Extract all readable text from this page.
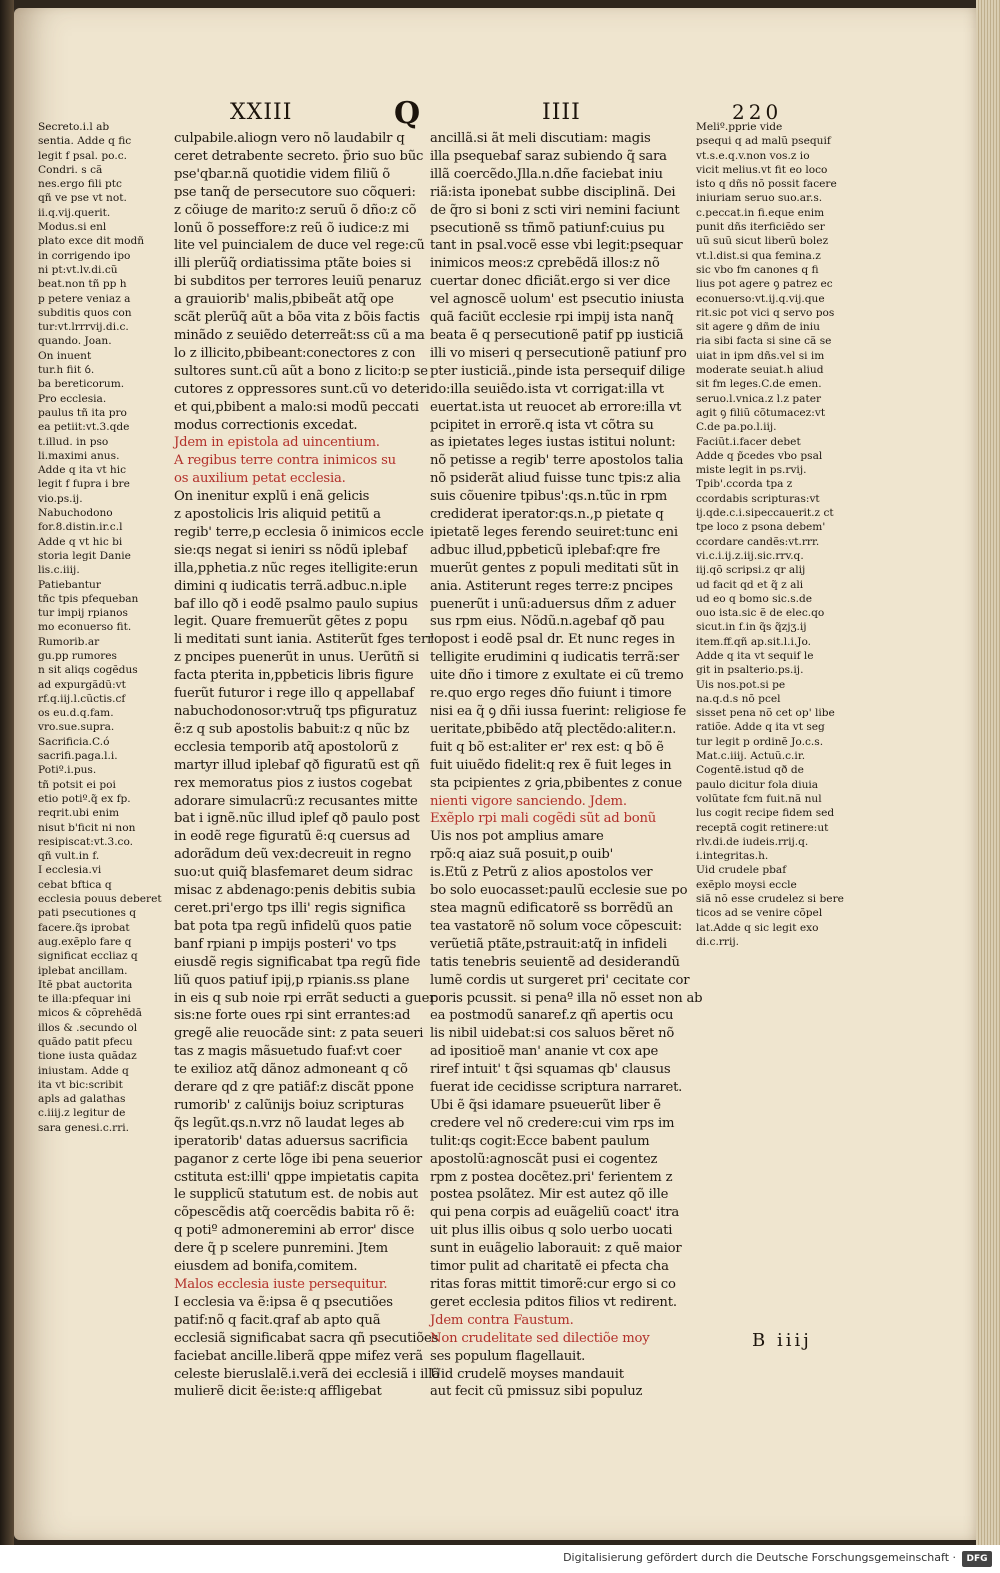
XXIII	Q	IIII	220

Secreto.i.l ab

sentia. Adde q fic

legit f psal. po.c.

Condri. s cã

nes.ergo fili ptc

qñ ve pse vt not.

ii.q.vij.querit.

Modus.si enl

plato exce dit modñ

in corrigendo ipo

ni pt:vt.lv.di.cũ

beat.non tñ pp h

p petere veniaz a

subditis quos con

tur:vt.lrrrvij.di.c.

quando. Joan.

On inuent

tur.h fiit ỽ.

ba bereticorum.

Pro ecclesia.

paulus tñ ita pro

ea petiit:vt.3.qde

t.illud. in pso

li.maximi anus.

Adde q ita vt hic

legit f fupra i bre

vio.ps.ij.

Nabuchodono

for.8.distin.ir.c.l

Adde q vt hic bi

storia legit Danie

lis.c.iiij.

Patiebantur

tñc tpis pfequeban

tur impij rpianos

mo econuerso fit.

Rumorib.ar

gu.pp rumores

n sit aliqs cogẽdus

ad expurgãdũ:vt

rf.q.iij.l.cũctis.cf

os eu.d.q.fam.

vro.sue.supra.

Sacrificia.C.ó

sacrifi.paga.l.i.

Potiº.i.pus.

tñ potsit ei poi

etio potiº.q̃ ex fp.

reqrit.ubi enim

nisut b'ficit ni non

resipiscat:vt.3.co.

qñ vult.in f.

I ecclesia.vi

cebat bftica q

ecclesia pouus deberet

pati psecutiones q

facere.q̃s iprobat

aug.exẽplo fare q

significat eccliaz q

iplebat ancillam.

Itẽ pbat auctorita

te illa:pfequar ini

micos & cõprehẽdã

illos & .secundo ol

quãdo patit pfecu

tione iusta quãdaz

iniustam. Adde q

ita vt bic:scribit

apls ad galathas

c.iiij.z legitur de

sara genesi.c.rri.

culpabile.aliogn vero nõ laudabilr q

ceret detrabente secreto. p̃rio suo bũc

pse'qbar.nã quotidie videm filiũ õ

pse tanq̃ de persecutore suo cõqueri:

z cõiuge de marito:z seruũ õ dño:z cõ

lonũ õ posseffore:z reũ õ iudice:z mi

lite vel puincialem de duce vel rege:cũ

illi plerũq̃ ordiatissima ptãte boies si

bi subditos per terrores leuiũ penaruz

a grauiorib' malis,pbibeãt atq̃ ope

scãt plerũq̃ aũt a bõa vita z bõis factis

minãdo z seuiẽdo deterreãt:ss cũ a ma

lo z illicito,pbibeant:conectores z con

sultores sunt.cũ aũt a bono z licito:p se

cutores z oppressores sunt.cũ vo deteri

et qui,pbibent a malo:si modũ peccati

modus correctionis excedat.

Jdem in epistola ad uincentium.

A regibus terre contra inimicos su

os auxilium petat ecclesia.

On inenitur explũ i enã gelicis

z apostolicis lris aliquid petitũ a

regib' terre,p ecclesia õ inimicos eccle

sie:qs negat si ieniri ss nõdũ iplebaf

illa,pphetia.z nũc reges itelligite:erun

dimini q iudicatis terrã.adbuc.n.iple

baf illo qð i eodẽ psalmo paulo supius

legit. Quare fremuerũt gẽtes z popu

li meditati sunt iania. Astiterũt fges terr

z pncipes puenerũt in unus. Uerũtñ si

facta pterita in,ppbeticis libris figure

fuerũt futuror i rege illo q appellabaf

nabuchodonosor:vtruq̃ tps pfiguratuz

ẽ:z q sub apostolis babuit:z q nũc bz

ecclesia temporib atq̃ apostolorũ z

martyr illud iplebaf qð figuratũ est qñ

rex memoratus pios z iustos cogebat

adorare simulacrũ:z recusantes mitte

bat i ignẽ.nũc illud iplef qð paulo post

in eodẽ rege figuratũ ẽ:q cuersus ad

adorãdum deũ vex:decreuit in regno

suo:ut quiq̃ blasfemaret deum sidrac

misac z abdenago:penis debitis subia

ceret.pri'ergo tps illi' regis significa

bat pota tpa regũ infidelũ quos patie

banf rpiani p impijs posteri' vo tps

eiusdẽ regis significabat tpa regũ fide

liũ quos patiuf ipij,p rpianis.ss plane

in eis q sub noie rpi errãt seducti a guer

sis:ne forte oues rpi sint errantes:ad

gregẽ alie reuocãde sint: z pata seueri

tas z magis mãsuetudo fuaf:vt coer

te exilioz atq̃ dãnoz admoneant q cõ

derare qd z qre patiãf:z discãt ppone

rumorib' z calũnijs boiuz scripturas

q̃s legũt.qs.n.vrz nõ laudat leges ab

iperatorib' datas aduersus sacrificia

paganor z certe lõge ibi pena seuerior

cstituta est:illi' qppe impietatis capita

le supplicũ statutum est. de nobis aut

cõpescẽdis atq̃ coercẽdis babita rõ ẽ:

q potiº admoneremini ab error' disce

dere q̃ p scelere punremini. Jtem

eiusdem ad bonifa,comitem.

Malos ecclesia iuste persequitur.

I ecclesia va ẽ:ipsa ẽ q psecutiões

patif:nõ q facit.qraf ab apto quã

ecclesiã significabat sacra qñ psecutiões

faciebat ancille.liberã qppe mifez verã

celeste bieruslalẽ.i.verã dei ecclesiã i illã

mulierẽ dicit ẽe:iste:q affligebat

ancillã.si ãt meli discutiam: magis

illa psequebaf saraz subiendo q̃ sara

illã coercẽdo.Jlla.n.dñe faciebat iniu

riã:ista iponebat subbe disciplinã. Dei

de q̃ro si boni z scti viri nemini faciunt

psecutionẽ ss tñmõ patiunf:cuius pu

tant in psal.vocẽ esse vbi legit:psequar

inimicos meos:z cprebẽdã illos:z nõ

cuertar donec dficiãt.ergo si ver dice

vel agnoscẽ uolum' est psecutio iniusta

quã faciũt ecclesie rpi impij ista nanq̃

beata ẽ q persecutionẽ patif pp iusticiã

illi vo miseri q persecutionẽ patiunf pro

pter iusticiã.,pinde ista persequif dilige

do:illa seuiẽdo.ista vt corrigat:illa vt

euertat.ista ut reuocet ab errore:illa vt

pcipitet in errorẽ.q ista vt cõtra su

as ipietates leges iustas istitui nolunt:

nõ petisse a regib' terre apostolos talia

nõ psiderãt aliud fuisse tunc tpis:z alia

suis cõuenire tpibus':qs.n.tũc in rpm

crediderat iperator:qs.n.,p pietate q

ipietatẽ leges ferendo seuiret:tunc eni

adbuc illud,ppbeticũ iplebaf:qre fre

muerũt gentes z populi meditati sũt in

ania. Astiterunt reges terre:z pncipes

puenerũt i unũ:aduersus dñm z aduer

sus rpm eius. Nõdũ.n.agebaf qð pau

lopost i eodẽ psal dr. Et nunc reges in

telligite erudimini q iudicatis terrã:ser

uite dño i timore z exultate ei cũ tremo

re.quo ergo reges dño fuiunt i timore

nisi ea q̃ ꝯ dñi iussa fuerint: religiose fe

ueritate,pbibẽdo atq̃ plectẽdo:aliter.n.

fuit q bõ est:aliter er' rex est: q bõ ẽ

fuit uiuẽdo fidelit:q rex ẽ fuit leges in

sta pcipientes z ꝯria,pbibentes z conue

nienti vigore sanciendo. Jdem.

Exẽplo rpi mali cogẽdi sũt ad bonũ

Uis nos pot amplius amare

rpõ:q aiaz suã posuit,p ouib'

is.Etũ z Petrũ z alios apostolos ver

bo solo euocasset:paulũ ecclesie sue po

stea magnũ edificatorẽ ss borrẽdũ an

tea vastatorẽ nõ solum voce cõpescuit:

verũetiã ptãte,pstrauit:atq̃ in infideli

tatis tenebris seuientẽ ad desiderandũ

lumẽ cordis ut surgeret pri' cecitate cor

poris pcussit. si penaº illa nõ esset non ab

ea postmodũ sanaref.z qñ apertis ocu

lis nibil uidebat:si cos saluos bẽret nõ

ad ipositioẽ man' ananie vt cox ape

riref intuit' t q̃si squamas qb' clausus

fuerat ide cecidisse scriptura narraret.

Ubi ẽ q̃si idamare psueuerũt liber ẽ

credere vel nõ credere:cui vim rps im

tulit:qs cogit:Ecce babent paulum

apostolũ:agnoscãt pusi ei cogentez

rpm z postea docẽtez.pri' ferientem z

postea psolãtez. Mir est autez qõ ille

qui pena corpis ad euãgeliũ coact' itra

uit plus illis oibus q solo uerbo uocati

sunt in euãgelio laborauit: z quẽ maior

timor pulit ad charitatẽ ei pfecta cha

ritas foras mittit timorẽ:cur ergo si co

geret ecclesia pditos filios vt redirent.

Jdem contra Faustum.

Non crudelitate sed dilectiõe moy

ses populum flagellauit.

Uid crudelẽ moyses mandauit

aut fecit cũ pmissuz sibi populuz

Meliº.pprie vide

psequi q ad malũ psequif

vt.s.e.q.v.non vos.z io

vicit melius.vt fit eo loco

isto q dñs nõ possit facere

iniuriam seruo suo.ar.s.

c.peccat.in fi.eque enim

punit dñs iterficiẽdo ser

uũ suũ sicut liberũ bolez

vt.l.dist.si qua femina.z

sic vbo fm canones q fi

lius pot agere ꝯ patrez ec

econuerso:vt.ij.q.vij.que

rit.sic pot vici q servo pos

sit agere ꝯ dñm de iniu

ria sibi facta si sine cã se

uiat in ipm dñs.vel si im

moderate seuiat.h aliud

sit fm leges.C.de emen.

seruo.l.vnica.z l.z pater

agit ꝯ filiũ cõtumacez:vt

C.de pa.po.l.iij.

Faciũt.i.facer debet

Adde q p̃cedes vbo psal

miste legit in ps.rvij.

Tpib'.ccorda tpa z

ccordabis scripturas:vt

ij.qde.c.i.sipeccauerit.z ct

tpe loco z psona debem'

ccordare candẽs:vt.rrr.

vi.c.i.ij.z.iij.sic.rrv.q.

iij.qõ scripsi.z qr alij

ud facit qd et q̃ z ali

ud eo q bomo sic.s.de

ouo ista.sic ẽ de elec.qo

sicut.in f.in q̃s q̃zjʒ.ij

item.ff.qñ ap.sit.l.i.Jo.

Adde q ita vt sequif le

git in psalterio.ps.ij.

Uis nos.pot.si pe

na.q.d.s nõ pcel

sisset pena nõ cet op' libe

ratiõe. Adde q ita vt seg

tur legit p ordinẽ Jo.c.s.

Mat.c.iiij. Actuũ.c.ir.

Cogentẽ.istud qð de

paulo dicitur fola diuia

volũtate fcm fuit.nã nul

lus cogit recipe fidem sed

receptã cogit retinere:ut

rlv.di.de iudeis.rrij.q.

i.integritas.h.

Uid crudele pbaf

exẽplo moysi eccle

siã nõ esse crudelez si bere

ticos ad se venire cõpel

lat.Adde q sic legit exo

di.c.rrij.

B iiij
Digitalisierung gefördert durch die Deutsche Forschungsgemeinschaft ·	DFG
